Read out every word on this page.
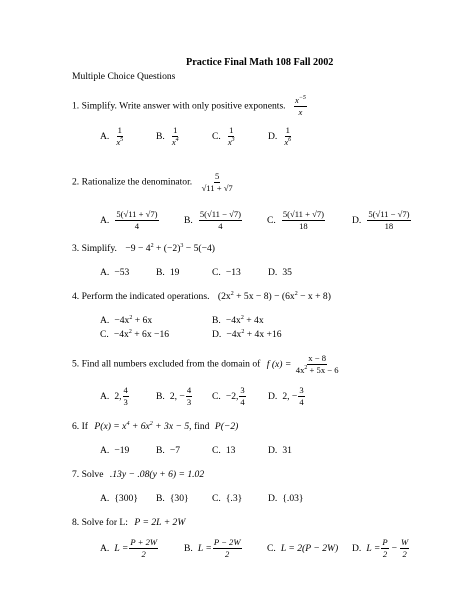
Practice Final Math 108 Fall 2002
Multiple Choice Questions
1. Simplify. Write answer with only positive exponents. $\frac{x^{-5}}{x}$
A. $\frac{1}{x^5}$	B. $\frac{1}{x^4}$	C. $\frac{1}{x^3}$	D. $\frac{1}{x^6}$
2. Rationalize the denominator. $\frac{5}{√11 + √7}$
A. $\frac{5(√11 + √7)}{4}$	B. $\frac{5(√11 - √7)}{4}$	C. $\frac{5(√11 + √7)}{18}$	D. $\frac{5(√11 - √7)}{18}$
3. Simplify. $-9 - 4^2 + (-2)^3 - 5(-4)$
A. −53	B. 19	C. −13	D. 35
4. Perform the indicated operations. $(2x^2 + 5x - 8) - (6x^2 - x + 8)$
A. $-4x^2 + 6x$	B. $-4x^2 + 4x$
C. $-4x^2 + 6x -16$	D. $-4x^2 + 4x +16$
5. Find all numbers excluded from the domain of f $(x) = \frac{x - 8}{4x^2 + 5x - 6}$
A. 2, $\frac{4}{3}$	B. 2, − $\frac{4}{3} C$. −2, $\frac{3}{4} D$. 2, − $\frac{3}{4}$
6. If $P(x) = x^4 + 6x^2 + 3x - 5$, find P(−2)
A. −19	B. −7	C. 13	D. 31
7. Solve .13y − .08(y + 6) = 1.02
A. {300} B. {30} C. {.3}	D. {.03}
8. Solve for L: P = 2L + 2W
A. $L = \frac{P + 2W}{2}$	B. $L = \frac{P - 2W}{2}$	C. L = 2(P − 2W) D. $L = \frac{P}{2} - \frac{W}{2}$
